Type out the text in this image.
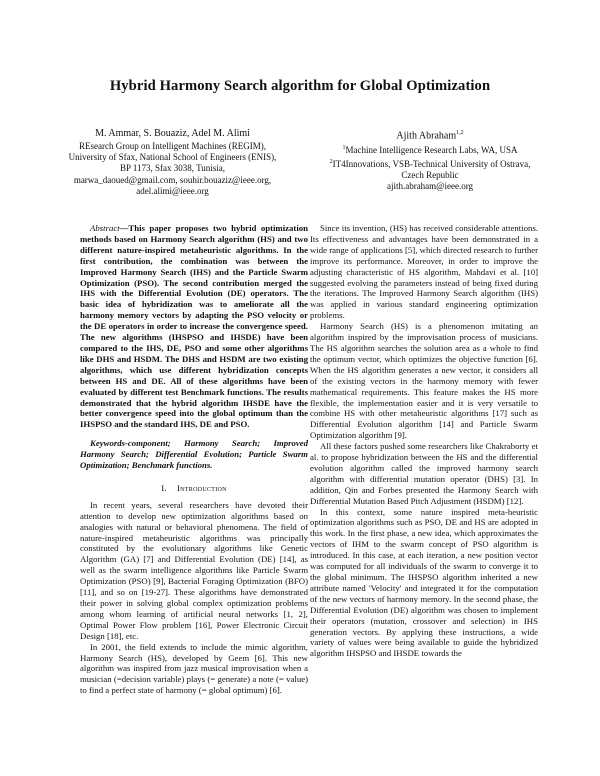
Hybrid Harmony Search algorithm for Global Optimization
M. Ammar, S. Bouaziz, Adel M. Alimi
REsearch Group on Intelligent Machines (REGIM),
University of Sfax, National School of Engineers (ENIS),
BP 1173, Sfax 3038, Tunisia,
marwa_daoued@gmail.com, souhir.bouaziz@ieee.org,
adel.alimi@ieee.org
Ajith Abraham$^{1,2}$
$^1$Machine Intelligence Research Labs, WA, USA
$^2$IT4Innovations, VSB-Technical University of Ostrava,
Czech Republic
ajith.abraham@ieee.org

Abstract—This paper proposes two hybrid optimization methods based on Harmony Search algorithm (HS) and two different nature-inspired metaheuristic algorithms. In the first contribution, the combination was between the Improved Harmony Search (IHS) and the Particle Swarm Optimization (PSO). The second contribution merged the IHS with the Differential Evolution (DE) operators. The basic idea of hybridization was to ameliorate all the harmony memory vectors by adapting the PSO velocity or the DE operators in order to increase the convergence speed. The new algorithms (IHSPSO and IHSDE) have been compared to the IHS, DE, PSO and some other algorithms like DHS and HSDM. The DHS and HSDM are two existing algorithms, which use different hybridization concepts between HS and DE. All of these algorithms have been evaluated by different test Benchmark functions. The results demonstrated that the hybrid algorithm IHSDE have the better convergence speed into the global optimum than the IHSPSO and the standard IHS, DE and PSO.

Keywords-component; Harmony Search; Improved Harmony Search; Differential Evolution; Particle Swarm Optimization; Benchmark functions.

I. Introduction

In recent years, several researchers have devoted their attention to develop new optimization algorithms based on analogies with natural or behavioral phenomena. The field of nature-inspired metaheuristic algorithms was principally constituted by the evolutionary algorithms like Genetic Algorithm (GA) [7] and Differential Evolution (DE) [14], as well as the swarm intelligence algorithms like Particle Swarm Optimization (PSO) [9], Bacterial Foraging Optimization (BFO) [11], and so on [19-27]. These algorithms have demonstrated their power in solving global complex optimization problems among whom learning of artificial neural networks [1, 2], Optimal Power Flow problem [16], Power Electronic Circuit Design [18], etc.

In 2001, the field extends to include the mimic algorithm, Harmony Search (HS), developed by Geem [6]. This new algorithm was inspired from jazz musical improvisation when a musician (=decision variable) plays (= generate) a note (= value) to find a perfect state of harmony (= global optimum) [6].

Since its invention, (HS) has received considerable attentions. Its effectiveness and advantages have been demonstrated in a wide range of applications [5], which directed research to further improve its performance. Moreover, in order to improve the adjusting characteristic of HS algorithm, Mahdavi et al. [10] suggested evolving the parameters instead of being fixed during the iterations. The Improved Harmony Search algorithm (IHS) was applied in various standard engineering optimization problems.

Harmony Search (HS) is a phenomenon imitating an algorithm inspired by the improvisation process of musicians. The HS algorithm searches the solution area as a whole to find the optimum vector, which optimizes the objective function [6]. When the HS algorithm generates a new vector, it considers all of the existing vectors in the harmony memory with fewer mathematical requirements. This feature makes the HS more flexible, the implementation easier and it is very versatile to combine HS with other metaheuristic algorithms [17] such as Differential Evolution algorithm [14] and Particle Swarm Optimization algorithm [9].

All these factors pushed some researchers like Chakraborty et al. to propose hybridization between the HS and the differential evolution algorithm called the improved harmony search algorithm with differential mutation operator (DHS) [3]. In addition, Qin and Forbes presented the Harmony Search with Differential Mutation Based Pitch Adjustment (HSDM) [12].

In this context, some nature inspired meta-heuristic optimization algorithms such as PSO, DE and HS are adopted in this work. In the first phase, a new idea, which approximates the vectors of IHM to the swarm concept of PSO algorithm is introduced. In this case, at each iteration, a new position vector was computed for all individuals of the swarm to converge it to the global minimum. The IHSPSO algorithm inherited a new attribute named 'Velocity' and integrated it for the computation of the new vectors of harmony memory. In the second phase, the Differential Evolution (DE) algorithm was chosen to implement their operators (mutation, crossover and selection) in IHS generation vectors. By applying these instructions, a wide variety of values were being available to guide the hybridized algorithm IHSPSO and IHSDE towards the
